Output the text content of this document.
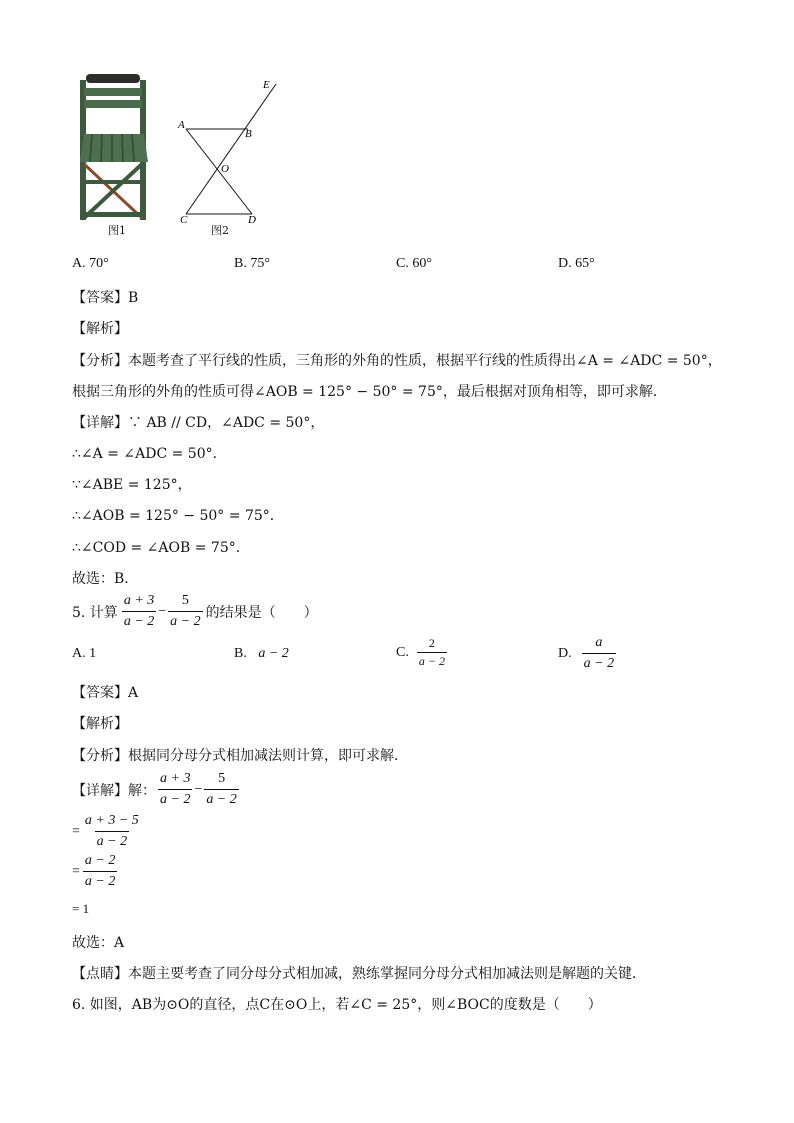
图1
A
B
E
O
C	D
图2
A. 70°	B. 75°	C. 60°	D. 65°
【答案】B
【解析】
【分析】本题考查了平行线的性质，三角形的外角的性质，根据平行线的性质得出∠A = ∠ADC = 50°，
根据三角形的外角的性质可得∠AOB = 125° − 50° = 75°，最后根据对顶角相等，即可求解．
【详解】∵ AB // CD，∠ADC = 50°，
∴∠A = ∠ADC = 50°．
∵∠ABE = 125°，
∴∠AOB = 125° − 50° = 75°．
∴∠COD = ∠AOB = 75°．
故选：B．
5. 计算 $\frac{a + 3}{a - 2} - \frac{5}{a - 2}$ 的结果是（　　）
A. 1	B. a − 2	C. $\frac{2}{a - 2}$	D. $\frac{a}{a - 2}$
【答案】A
【解析】
【分析】根据同分母分式相加减法则计算，即可求解．
【详解】解： $\frac{a + 3}{a - 2} - \frac{5}{a - 2}$
= $\frac{a + 3 - 5}{a - 2}$
= $\frac{a - 2}{a - 2}$
= 1
故选：A
【点睛】本题主要考查了同分母分式相加减，熟练掌握同分母分式相加减法则是解题的关键．
6. 如图，AB为⊙O的直径，点C在⊙O上，若∠C = 25°，则∠BOC的度数是（　　）
